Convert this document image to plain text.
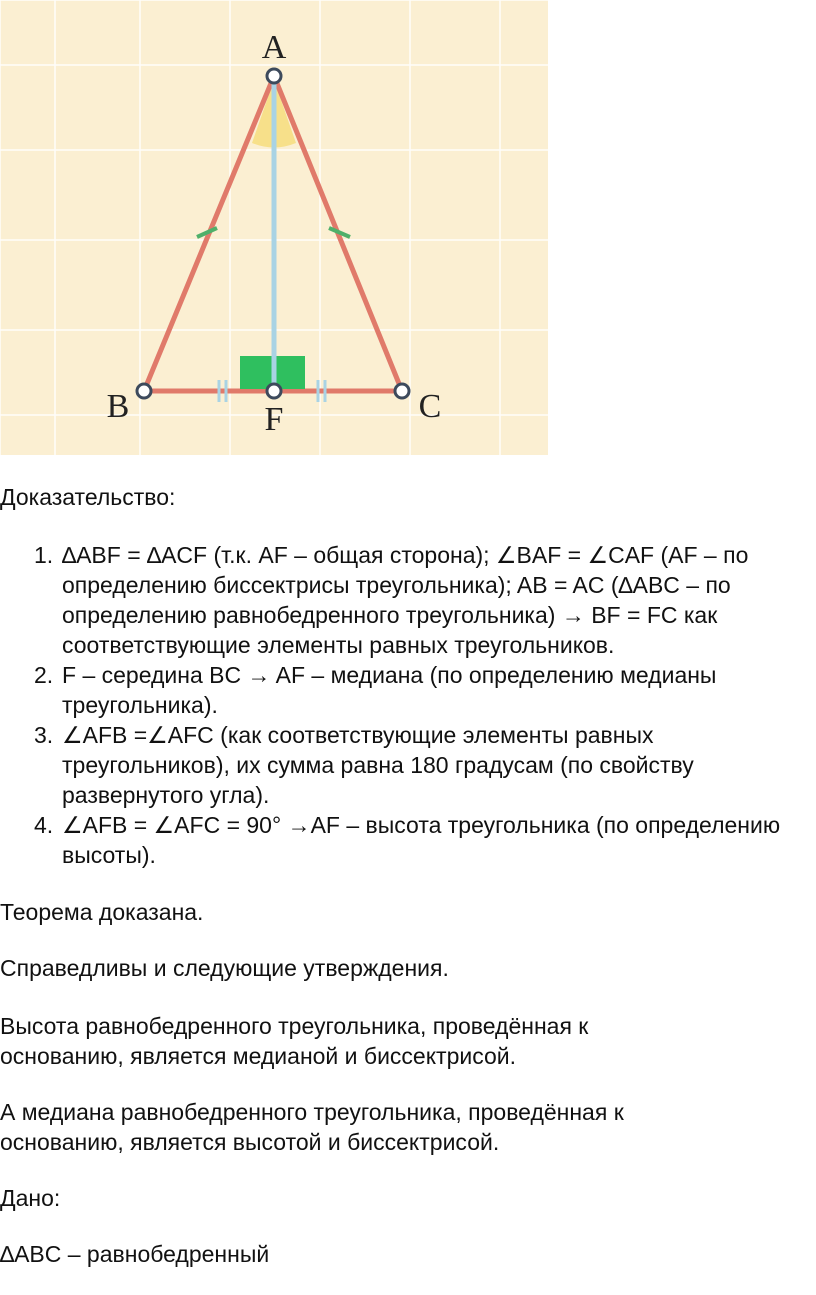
A
B	C
F

Доказательство:

1. ∆ABF = ∆ACF (т.к. AF – общая сторона); ∠BAF = ∠CAF (AF – по определению биссектрисы треугольника); AB = AC (∆ABC – по определению равнобедренного треугольника) → BF = FC как соответствующие элементы равных треугольников.
2. F – середина BC → AF – медиана (по определению медианы треугольника).
3. ∠AFB =∠AFC (как соответствующие элементы равных треугольников), их сумма равна 180 градусам (по свойству развернутого угла).
4. ∠AFB = ∠AFC = 90° →AF – высота треугольника (по определению высоты).

Теорема доказана.

Справедливы и следующие утверждения.

Высота равнобедренного треугольника, проведённая к основанию, является медианой и биссектрисой.

А медиана равнобедренного треугольника, проведённая к основанию, является высотой и биссектрисой.

Дано:

∆ABC – равнобедренный
